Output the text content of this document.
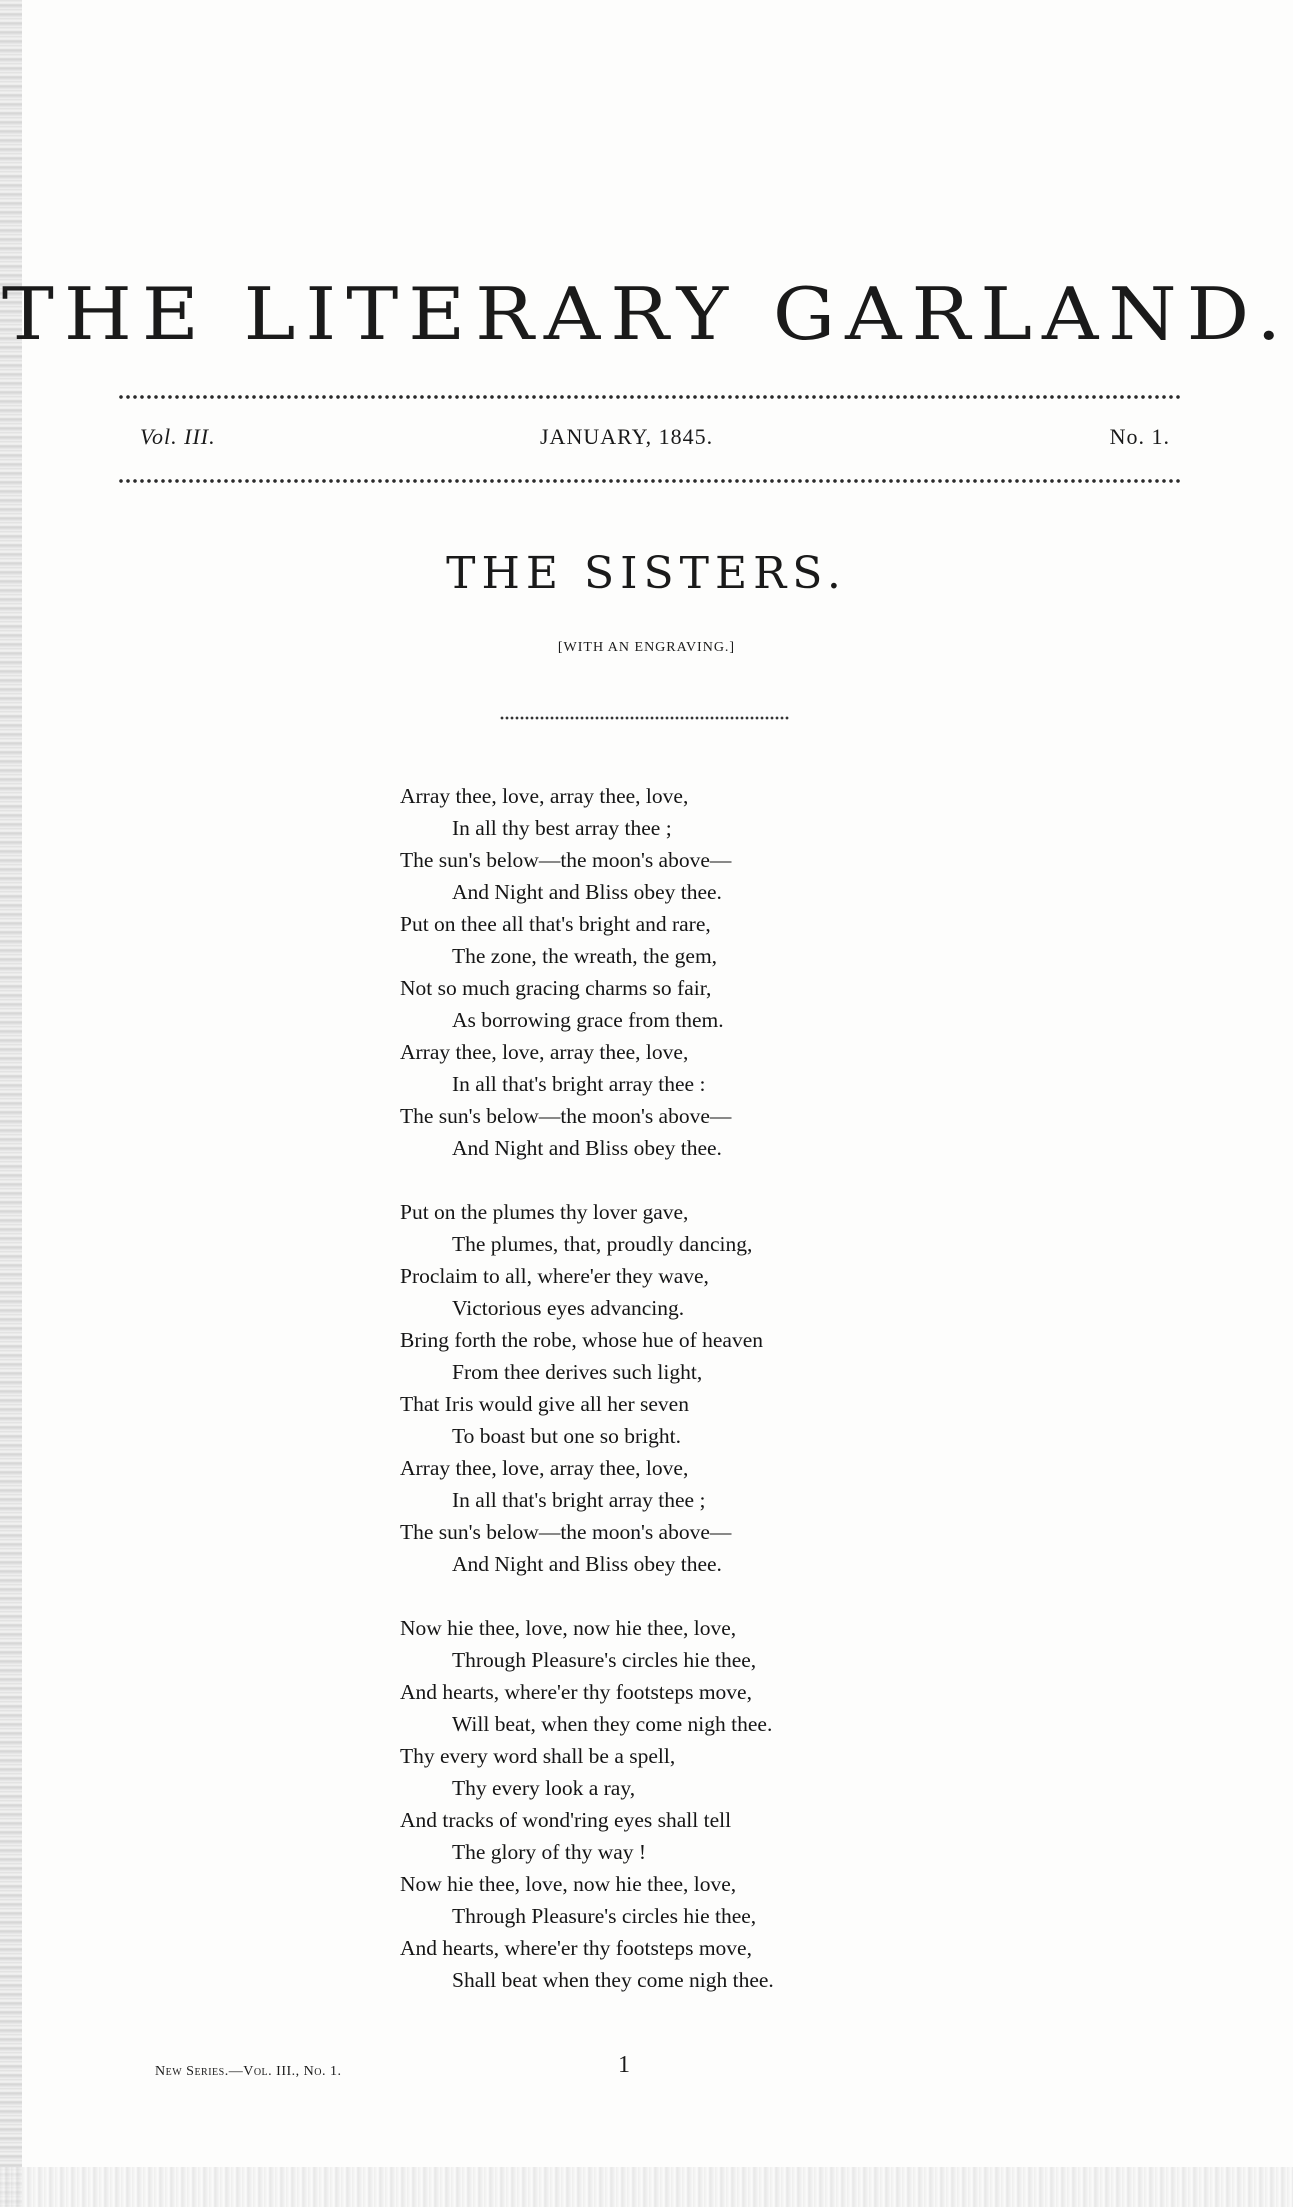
THE LITERARY GARLAND.
Vol. III.	JANUARY, 1845.	No. 1.
THE SISTERS.
[WITH AN ENGRAVING.]
Array thee, love, array thee, love,
In all thy best array thee ;
The sun's below—the moon's above—
And Night and Bliss obey thee.
Put on thee all that's bright and rare,
The zone, the wreath, the gem,
Not so much gracing charms so fair,
As borrowing grace from them.
Array thee, love, array thee, love,
In all that's bright array thee :
The sun's below—the moon's above—
And Night and Bliss obey thee.
Put on the plumes thy lover gave,
The plumes, that, proudly dancing,
Proclaim to all, where'er they wave,
Victorious eyes advancing.
Bring forth the robe, whose hue of heaven
From thee derives such light,
That Iris would give all her seven
To boast but one so bright.
Array thee, love, array thee, love,
In all that's bright array thee ;
The sun's below—the moon's above—
And Night and Bliss obey thee.
Now hie thee, love, now hie thee, love,
Through Pleasure's circles hie thee,
And hearts, where'er thy footsteps move,
Will beat, when they come nigh thee.
Thy every word shall be a spell,
Thy every look a ray,
And tracks of wond'ring eyes shall tell
The glory of thy way !
Now hie thee, love, now hie thee, love,
Through Pleasure's circles hie thee,
And hearts, where'er thy footsteps move,
Shall beat when they come nigh thee.
New Series.—Vol. III., No. 1.	1
